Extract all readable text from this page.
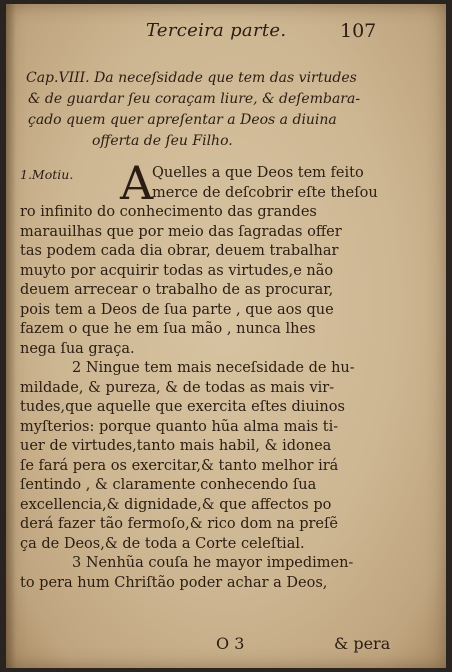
Terceira parte.	107
Cap.VIII. Da neceſsidade que tem das virtudes
& de guardar ſeu coraçam liure, & deſembara-
çado quem quer apreſentar a Deos a diuina
offerta de ſeu Filho.
A
1.Motiu.	Quelles a que Deos tem feito
merce de deſcobrir eſte theſou
ro infinito do conhecimento das grandes
marauilhas que por meio das ſagradas offer
tas podem cada dia obrar, deuem trabalhar
muyto por acquirir todas as virtudes,e não
deuem arrecear o trabalho de as procurar,
pois tem a Deos de ſua parte , que aos que
fazem o que he em ſua mão , nunca lhes
nega ſua graça.
2 Ningue tem mais neceſsidade de hu-
mildade, & pureza, & de todas as mais vir-
tudes,que aquelle que exercita eſtes diuinos
myſterios: porque quanto hũa alma mais ti-
uer de virtudes,tanto mais habil, & idonea
ſe fará pera os exercitar,& tanto melhor irá
ſentindo , & claramente conhecendo ſua
excellencia,& dignidade,& que affectos po
derá fazer tão fermoſo,& rico dom na preſẽ
ça de Deos,& de toda a Corte celeſtial.
3 Nenhũa couſa he mayor impedimen-
to pera hum Chriſtão poder achar a Deos,
O 3	& pera
